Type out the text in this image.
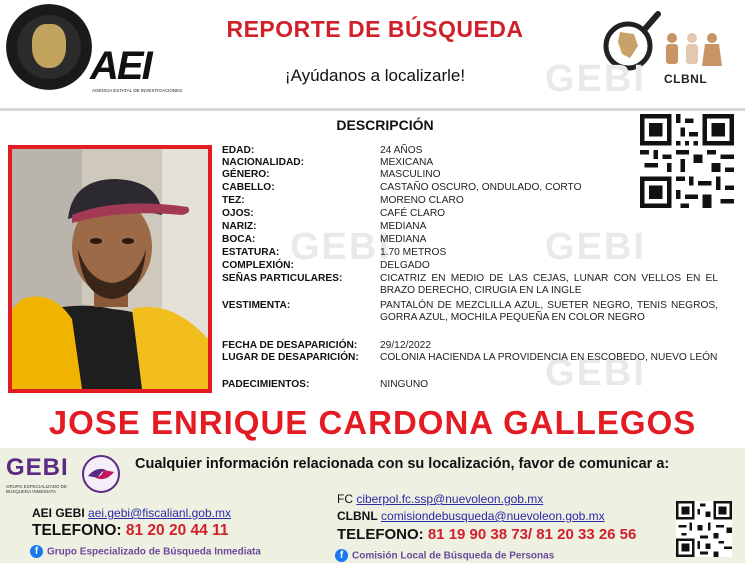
AEI
AGENCIA ESTATAL DE INVESTIGACIONES
REPORTE DE BÚSQUEDA
¡Ayúdanos a localizarle!	CLBNL
GEBI
GEBI	GEBI
GEBI
DESCRIPCIÓN
EDAD:	24 AÑOS
NACIONALIDAD:	MEXICANA
GÉNERO:	MASCULINO
CABELLO:	CASTAÑO OSCURO, ONDULADO, CORTO
TEZ:	MORENO CLARO
OJOS:	CAFÉ CLARO
NARIZ:	MEDIANA
BOCA:	MEDIANA
ESTATURA:	1.70 METROS
COMPLEXIÓN:	DELGADO
SEÑAS PARTICULARES:	CICATRIZ EN MEDIO DE LAS CEJAS, LUNAR CON VELLOS EN EL BRAZO DERECHO, CIRUGIA EN LA INGLE
VESTIMENTA:	PANTALÓN DE MEZCLILLA AZUL, SUETER NEGRO, TENIS NEGROS, GORRA AZUL, MOCHILA PEQUEÑA EN COLOR NEGRO
FECHA DE DESAPARICIÓN:	29/12/2022
LUGAR DE DESAPARICIÓN:	COLONIA HACIENDA LA PROVIDENCIA EN ESCOBEDO, NUEVO LEÓN
PADECIMIENTOS:	NINGUNO
JOSE ENRIQUE CARDONA GALLEGOS
GEBI
GRUPO ESPECIALIZADO DE BÚSQUEDA INMEDIATA
Cualquier información relacionada con su localización, favor de comunicar a:
AEI GEBI aei.gebi@fiscalianl.gob.mx
TELEFONO: 81 20 20 44 11
f Grupo Especializado de Búsqueda Inmediata
FC ciberpol.fc.ssp@nuevoleon.gob.mx
CLBNL comisiondebusqueda@nuevoleon.gob.mx
TELEFONO: 81 19 90 38 73/ 81 20 33 26 56
f Comisión Local de Búsqueda de Personas
